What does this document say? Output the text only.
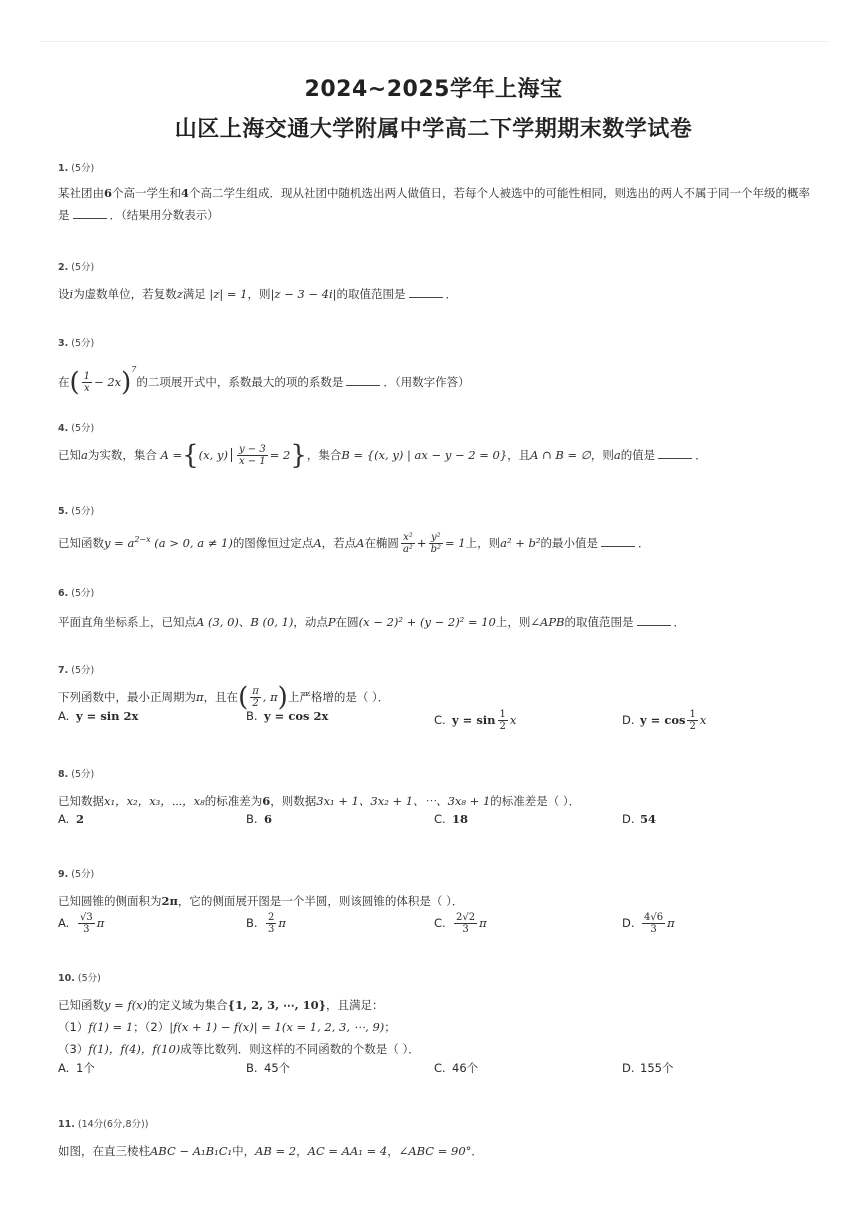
2024~2025学年上海宝
山区上海交通大学附属中学高二下学期期末数学试卷
1. (5分)
某社团由6个高一学生和4个高二学生组成．现从社团中随机选出两人做值日，若每个人被选中的可能性相同，则选出的两人不属于同一个年级的概率
是	．（结果用分数表示）
2. (5分)
设i为虚数单位，若复数z满足 |z| = 1，则|z − 3 − 4i|的取值范围是	．
3. (5分)
在( $\frac{1}{x} - 2x)^7$的二项展开式中，系数最大的项的系数是	．（用数字作答）
4. (5分)
已知a为实数，集合 A ={(x, $y) \frac{y - 3}{x - 1} = 2$}，集合B = {(x, y) | ax − y − 2 = 0}，且A ∩ B = ∅，则a的值是	．
5. (5分)
已知函数$y = a^{2-x}$ (a > 0, a ≠ 1)的图像恒过定点A，若点A在椭圆 $\frac{\text{x²}}{\text{a²}} + \frac{\text{y²}}{\text{b²}} = 1$上，则a² + b²的最小值是	．
6. (5分)
平面直角坐标系上，已知点A (3, 0)、B (0, 1)，动点P在圆(x − 2)² + (y − 2)² = 10上，则∠APB的取值范围是	．
7. (5分)
下列函数中，最小正周期为π，且在( $\frac{\pi}{2}$ , π)上严格增的是（ ）．
A. y = sin 2x	B. y = cos 2x	C. $y = \sin \frac{1}{2}$ x	D. $y = \cos \frac{1}{2}$ x
8. (5分)
已知数据x₁，x₂，x₃，⋯，x₈的标准差为6，则数据3x₁ + 1、3x₂ + 1、⋯、3x₈ + 1的标准差是（ ）．
A. 2	B. 6	C. 18	D. 54
9. (5分)
已知圆锥的侧面积为2π，它的侧面展开图是一个半圆，则该圆锥的体积是（ ）．
A. $\frac{√3}{3}$ π	B. $\frac{2}{3}$ π	C. $\frac{2√2}{3}$ π	D. $\frac{4√6}{3}$ π
10. (5分)
已知函数y = f(x)的定义域为集合{1, 2, 3, ⋯, 10}，且满足：
（1）f(1) = 1；（2）|f(x + 1) − f(x)| = 1(x = 1, 2, 3, ⋯, 9)；
（3）f(1)，f(4)，f(10)成等比数列．则这样的不同函数的个数是（ ）．
A. 1个	B. 45个	C. 46个	D. 155个
11. (14分(6分,8分))
如图，在直三棱柱ABC − A₁B₁C₁中，AB = 2，AC = AA₁ = 4，∠ABC = 90°．
